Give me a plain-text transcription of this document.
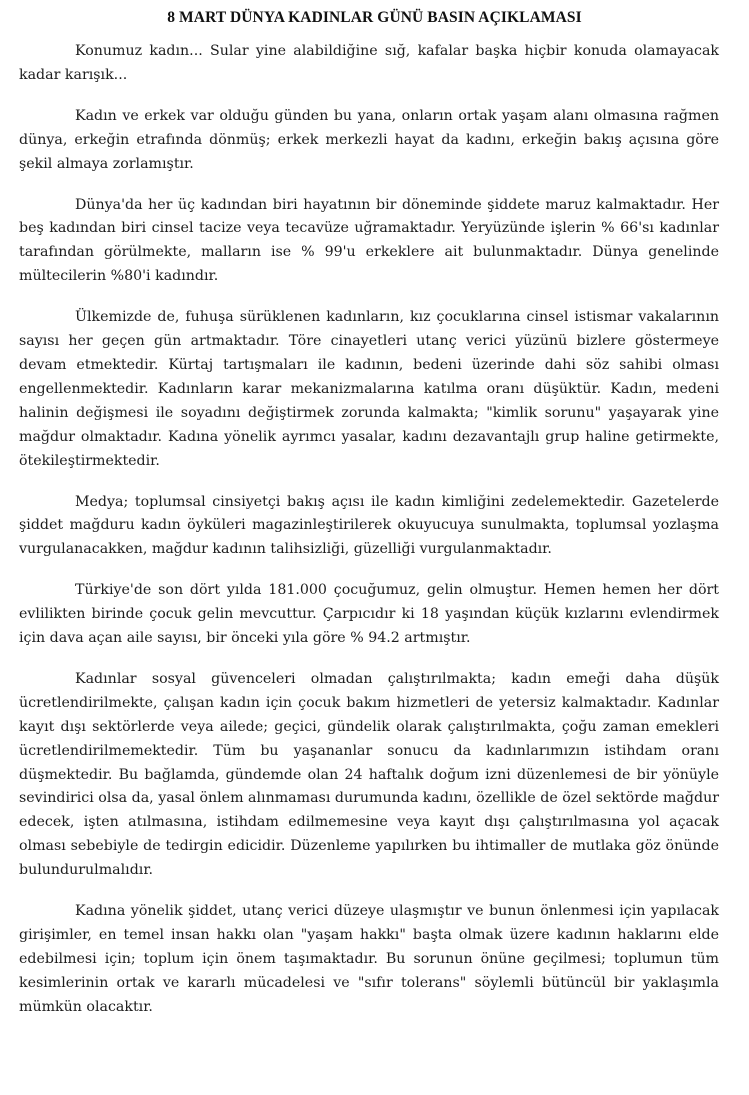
8 MART DÜNYA KADINLAR GÜNÜ BASIN AÇIKLAMASI

Konumuz kadın... Sular yine alabildiğine sığ, kafalar başka hiçbir konuda olamayacak kadar karışık...

Kadın ve erkek var olduğu günden bu yana, onların ortak yaşam alanı olmasına rağmen dünya, erkeğin etrafında dönmüş; erkek merkezli hayat da kadını, erkeğin bakış açısına göre şekil almaya zorlamıştır.

Dünya'da her üç kadından biri hayatının bir döneminde şiddete maruz kalmaktadır. Her beş kadından biri cinsel tacize veya tecavüze uğramaktadır. Yeryüzünde işlerin % 66'sı kadınlar tarafından görülmekte, malların ise % 99'u erkeklere ait bulunmaktadır. Dünya genelinde mültecilerin %80'i kadındır.

Ülkemizde de, fuhuşa sürüklenen kadınların, kız çocuklarına cinsel istismar vakalarının sayısı her geçen gün artmaktadır. Töre cinayetleri utanç verici yüzünü bizlere göstermeye devam etmektedir. Kürtaj tartışmaları ile kadının, bedeni üzerinde dahi söz sahibi olması engellenmektedir. Kadınların karar mekanizmalarına katılma oranı düşüktür. Kadın, medeni halinin değişmesi ile soyadını değiştirmek zorunda kalmakta; "kimlik sorunu" yaşayarak yine mağdur olmaktadır. Kadına yönelik ayrımcı yasalar, kadını dezavantajlı grup haline getirmekte, ötekileştirmektedir.

Medya; toplumsal cinsiyetçi bakış açısı ile kadın kimliğini zedelemektedir. Gazetelerde şiddet mağduru kadın öyküleri magazinleştirilerek okuyucuya sunulmakta, toplumsal yozlaşma vurgulanacakken, mağdur kadının talihsizliği, güzelliği vurgulanmaktadır.

Türkiye'de son dört yılda 181.000 çocuğumuz, gelin olmuştur. Hemen hemen her dört evlilikten birinde çocuk gelin mevcuttur. Çarpıcıdır ki 18 yaşından küçük kızlarını evlendirmek için dava açan aile sayısı, bir önceki yıla göre % 94.2 artmıştır.

Kadınlar sosyal güvenceleri olmadan çalıştırılmakta; kadın emeği daha düşük ücretlendirilmekte, çalışan kadın için çocuk bakım hizmetleri de yetersiz kalmaktadır. Kadınlar kayıt dışı sektörlerde veya ailede; geçici, gündelik olarak çalıştırılmakta, çoğu zaman emekleri ücretlendirilmemektedir. Tüm bu yaşananlar sonucu da kadınlarımızın istihdam oranı düşmektedir. Bu bağlamda, gündemde olan 24 haftalık doğum izni düzenlemesi de bir yönüyle sevindirici olsa da, yasal önlem alınmaması durumunda kadını, özellikle de özel sektörde mağdur edecek, işten atılmasına, istihdam edilmemesine veya kayıt dışı çalıştırılmasına yol açacak olması sebebiyle de tedirgin edicidir. Düzenleme yapılırken bu ihtimaller de mutlaka göz önünde bulundurulmalıdır.

Kadına yönelik şiddet, utanç verici düzeye ulaşmıştır ve bunun önlenmesi için yapılacak girişimler, en temel insan hakkı olan "yaşam hakkı" başta olmak üzere kadının haklarını elde edebilmesi için; toplum için önem taşımaktadır. Bu sorunun önüne geçilmesi; toplumun tüm kesimlerinin ortak ve kararlı mücadelesi ve "sıfır tolerans" söylemli bütüncül bir yaklaşımla mümkün olacaktır.
